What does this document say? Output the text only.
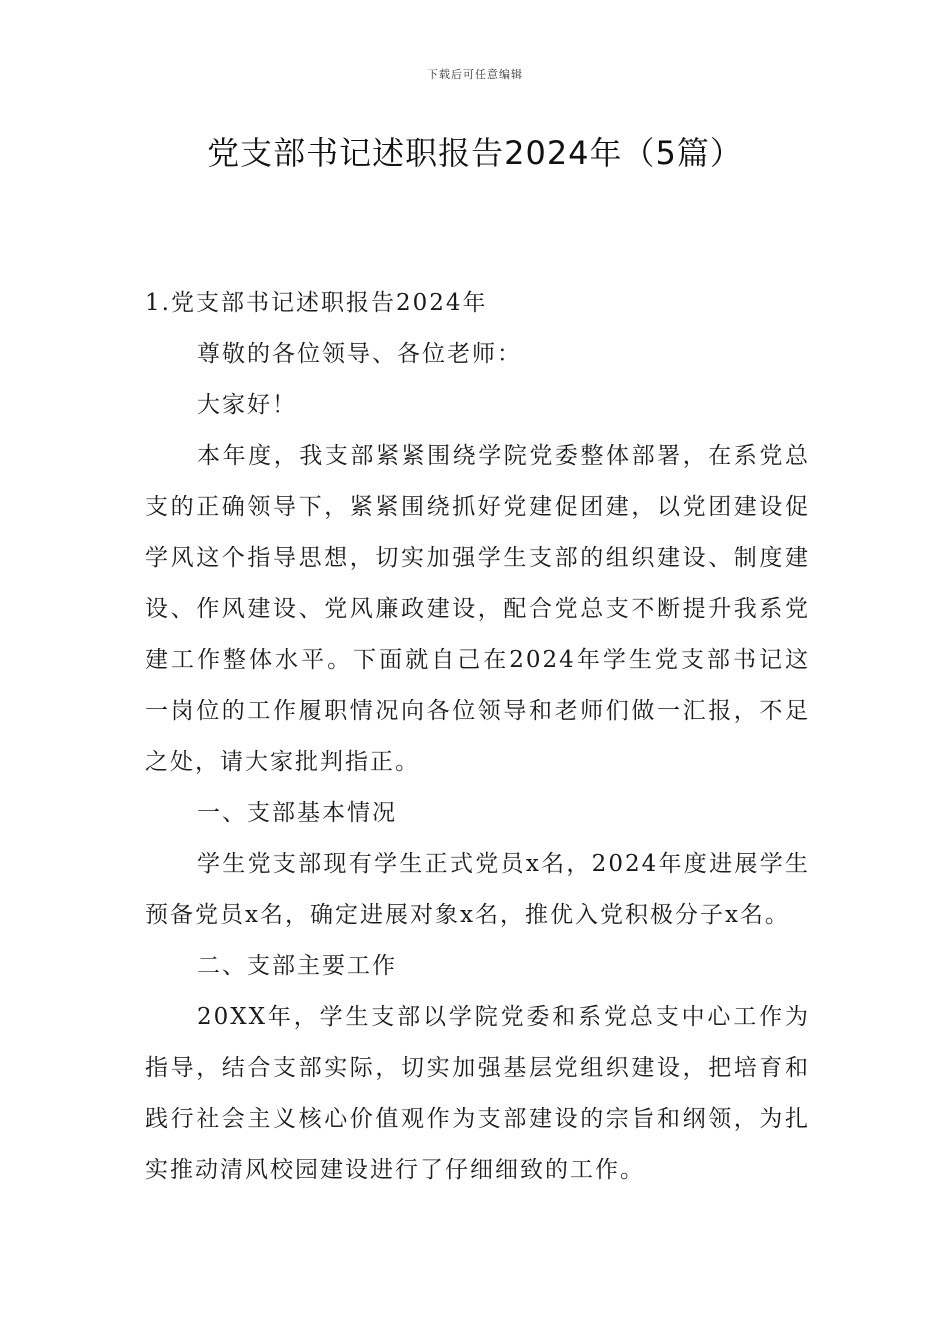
下载后可任意编辑
党支部书记述职报告2024年（5篇）

1.党支部书记述职报告2024年

尊敬的各位领导、各位老师：

大家好！

本年度，我支部紧紧围绕学院党委整体部署，在系党总支的正确领导下，紧紧围绕抓好党建促团建，以党团建设促学风这个指导思想，切实加强学生支部的组织建设、制度建设、作风建设、党风廉政建设，配合党总支不断提升我系党建工作整体水平。下面就自己在2024年学生党支部书记这一岗位的工作履职情况向各位领导和老师们做一汇报，不足之处，请大家批判指正。

一、支部基本情况

学生党支部现有学生正式党员x名，2024年度进展学生预备党员x名，确定进展对象x名，推优入党积极分子x名。

二、支部主要工作

20XX年，学生支部以学院党委和系党总支中心工作为指导，结合支部实际，切实加强基层党组织建设，把培育和践行社会主义核心价值观作为支部建设的宗旨和纲领，为扎实推动清风校园建设进行了仔细细致的工作。
